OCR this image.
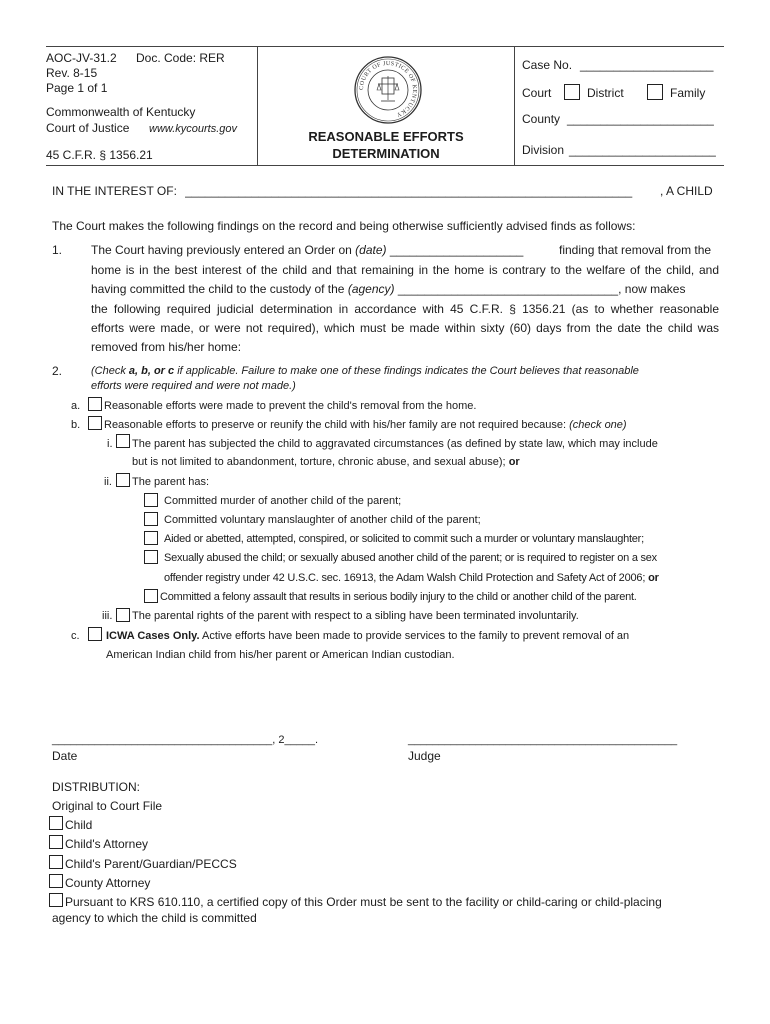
AOC-JV-31.2 Doc. Code: RER
Rev. 8-15
Page 1 of 1
Commonwealth of Kentucky
Court of Justice www.kycourts.gov
45 C.F.R. § 1356.21
COURT OF JUSTICE OF KENTUCKY
REASONABLE EFFORTS
DETERMINATION
Case No. ____________________
Court	District	Family
County ______________________
Division ______________________
IN THE INTEREST OF: ___________________________________________________________________	, A CHILD
The Court makes the following findings on the record and being otherwise sufficiently advised finds as follows:
1. The Court having previously entered an Order on (date) ____________________	finding that removal from the
home is in the best interest of the child and that remaining in the home is contrary to the welfare of the child, and
having committed the child to the custody of the (agency) _________________________________, now makes
the following required judicial determination in accordance with 45 C.F.R. § 1356.21 (as to whether reasonable
efforts were made, or were not required), which must be made within sixty (60) days from the date the child was
removed from his/her home:
2.	(Check a, b, or c if applicable. Failure to make one of these findings indicates the Court believes that reasonable
efforts were required and were not made.)
a. Reasonable efforts were made to prevent the child's removal from the home.
b. Reasonable efforts to preserve or reunify the child with his/her family are not required because: (check one)
i. The parent has subjected the child to aggravated circumstances (as defined by state law, which may include
but is not limited to abandonment, torture, chronic abuse, and sexual abuse); or
ii. The parent has:
Committed murder of another child of the parent;
Committed voluntary manslaughter of another child of the parent;
Aided or abetted, attempted, conspired, or solicited to commit such a murder or voluntary manslaughter;
Sexually abused the child; or sexually abused another child of the parent; or is required to register on a sex
offender registry under 42 U.S.C. sec. 16913, the Adam Walsh Child Protection and Safety Act of 2006; or
Committed a felony assault that results in serious bodily injury to the child or another child of the parent.
iii. The parental rights of the parent with respect to a sibling have been terminated involuntarily.
c. ICWA Cases Only. Active efforts have been made to provide services to the family to prevent removal of an
American Indian child from his/her parent or American Indian custodian.
____________________________________, 2_____.
Date
____________________________________________
Judge
DISTRIBUTION:
Original to Court File
Child
Child's Attorney
Child's Parent/Guardian/PECCS
County Attorney
Pursuant to KRS 610.110, a certified copy of this Order must be sent to the facility or child-caring or child-placing
agency to which the child is committed
